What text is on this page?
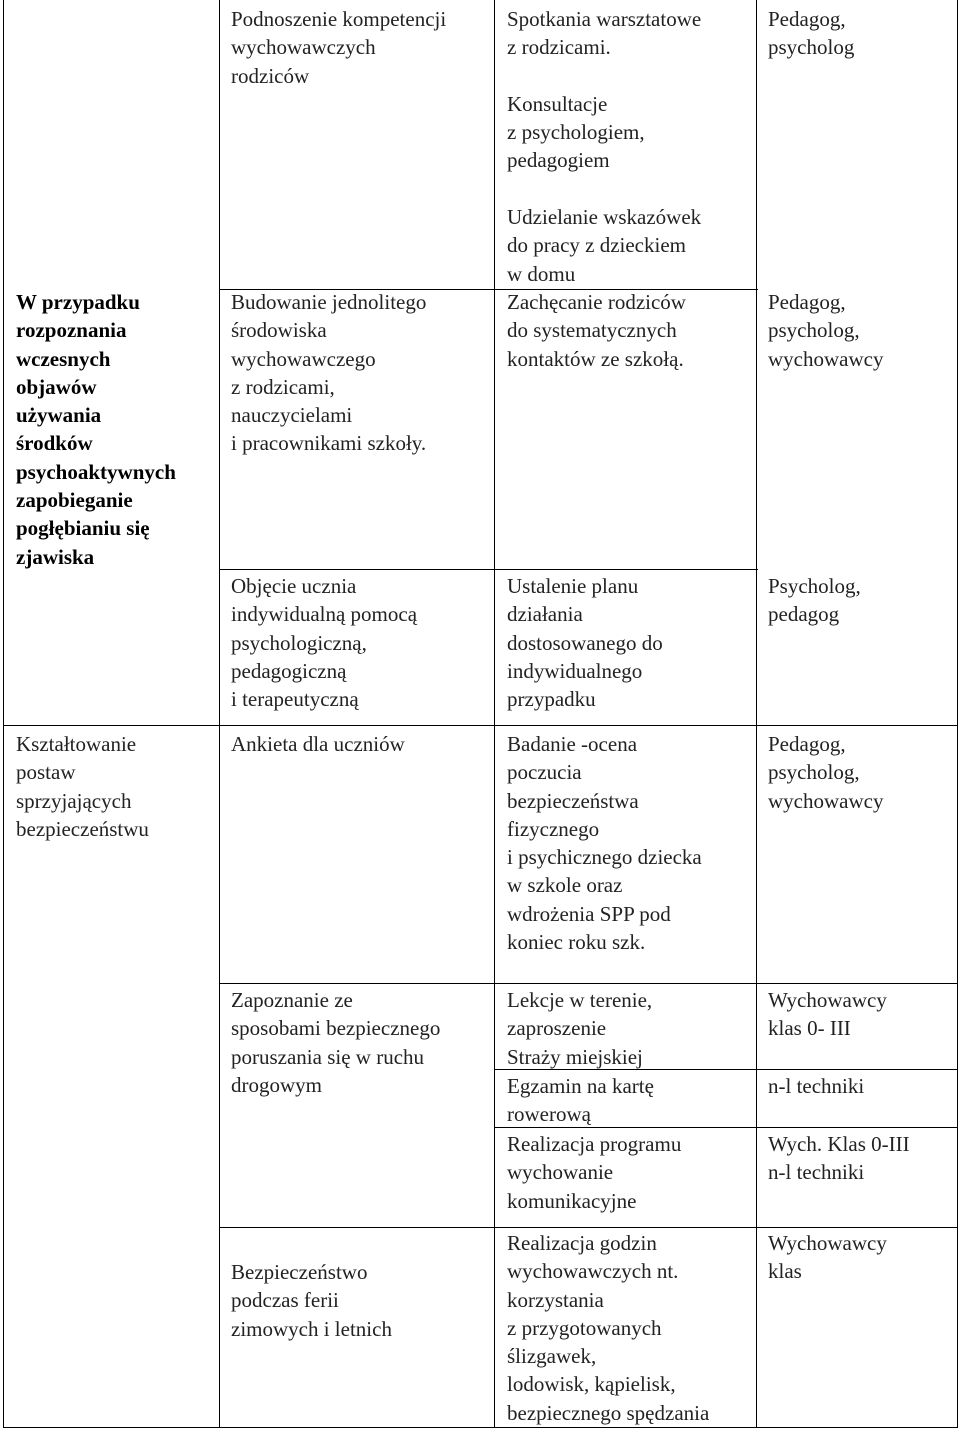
Podnoszenie kompetencji
wychowawczych
rodziców
Spotkania warsztatowe
z rodzicami.

Konsultacje
z psychologiem,
pedagogiem

Udzielanie wskazówek
do pracy z dzieckiem
w domu
Pedagog,
psycholog
W przypadku
rozpoznania
wczesnych
objawów
używania
środków
psychoaktywnych
zapobieganie
pogłębianiu się
zjawiska
Budowanie jednolitego
środowiska
wychowawczego
z rodzicami,
nauczycielami
i pracownikami szkoły.
Zachęcanie rodziców
do systematycznych
kontaktów ze szkołą.
Pedagog,
psycholog,
wychowawcy
Objęcie ucznia
indywidualną pomocą
psychologiczną,
pedagogiczną
i terapeutyczną
Ustalenie planu
działania
dostosowanego do
indywidualnego
przypadku
Psycholog,
pedagog
Kształtowanie
postaw
sprzyjających
bezpieczeństwu
Ankieta dla uczniów	Badanie -ocena
poczucia
bezpieczeństwa
fizycznego
i psychicznego dziecka
w szkole oraz
wdrożenia SPP pod
koniec roku szk.
Pedagog,
psycholog,
wychowawcy
Zapoznanie ze
sposobami bezpiecznego
poruszania się w ruchu
drogowym
Lekcje w terenie,
zaproszenie
Straży miejskiej
Egzamin na kartę
rowerową
Realizacja programu
wychowanie
komunikacyjne
Wychowawcy
klas 0- III
n-l techniki
Wych. Klas 0-III
n-l techniki
Bezpieczeństwo
podczas ferii
zimowych i letnich
Realizacja godzin
wychowawczych nt.
korzystania
z przygotowanych
ślizgawek,
lodowisk, kąpielisk,
bezpiecznego spędzania
Wychowawcy
klas
